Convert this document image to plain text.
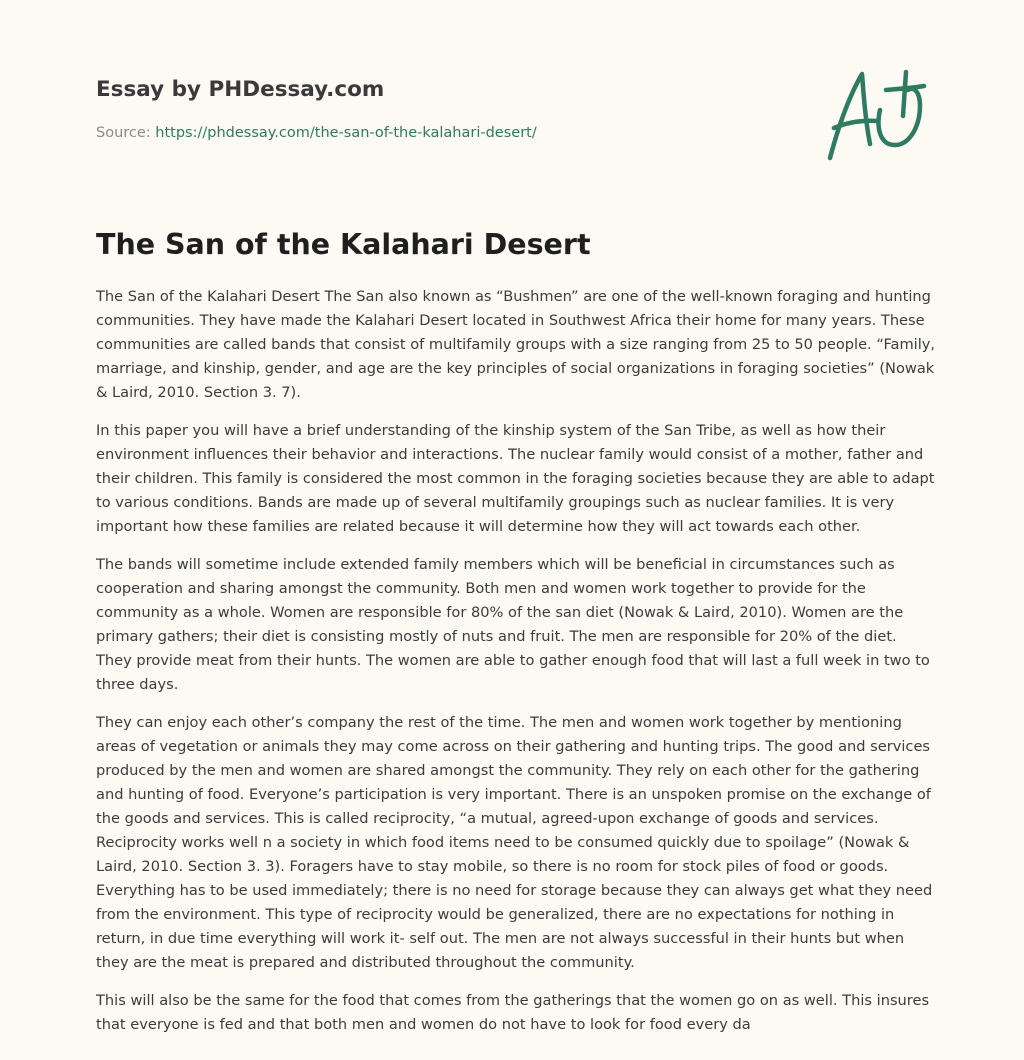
Essay by PHDessay.com
Source: https://phdessay.com/the-san-of-the-kalahari-desert/
The San of the Kalahari Desert

The San of the Kalahari Desert The San also known as “Bushmen” are one of the well-known foraging and hunting communities. They have made the Kalahari Desert located in Southwest Africa their home for many years. These communities are called bands that consist of multifamily groups with a size ranging from 25 to 50 people. “Family, marriage, and kinship, gender, and age are the key principles of social organizations in foraging societies” (Nowak & Laird, 2010. Section 3. 7).

In this paper you will have a brief understanding of the kinship system of the San Tribe, as well as how their environment influences their behavior and interactions. The nuclear family would consist of a mother, father and their children. This family is considered the most common in the foraging societies because they are able to adapt to various conditions. Bands are made up of several multifamily groupings such as nuclear families. It is very important how these families are related because it will determine how they will act towards each other.

The bands will sometime include extended family members which will be beneficial in circumstances such as cooperation and sharing amongst the community. Both men and women work together to provide for the community as a whole. Women are responsible for 80% of the san diet (Nowak & Laird, 2010). Women are the primary gathers; their diet is consisting mostly of nuts and fruit. The men are responsible for 20% of the diet. They provide meat from their hunts. The women are able to gather enough food that will last a full week in two to three days.

They can enjoy each other’s company the rest of the time. The men and women work together by mentioning areas of vegetation or animals they may come across on their gathering and hunting trips. The good and services produced by the men and women are shared amongst the community. They rely on each other for the gathering and hunting of food. Everyone’s participation is very important. There is an unspoken promise on the exchange of the goods and services. This is called reciprocity, “a mutual, agreed-upon exchange of goods and services. Reciprocity works well n a society in which food items need to be consumed quickly due to spoilage” (Nowak & Laird, 2010. Section 3. 3). Foragers have to stay mobile, so there is no room for stock piles of food or goods. Everything has to be used immediately; there is no need for storage because they can always get what they need from the environment. This type of reciprocity would be generalized, there are no expectations for nothing in return, in due time everything will work it- self out. The men are not always successful in their hunts but when they are the meat is prepared and distributed throughout the community.

This will also be the same for the food that comes from the gatherings that the women go on as well. This insures that everyone is fed and that both men and women do not have to look for food every da
